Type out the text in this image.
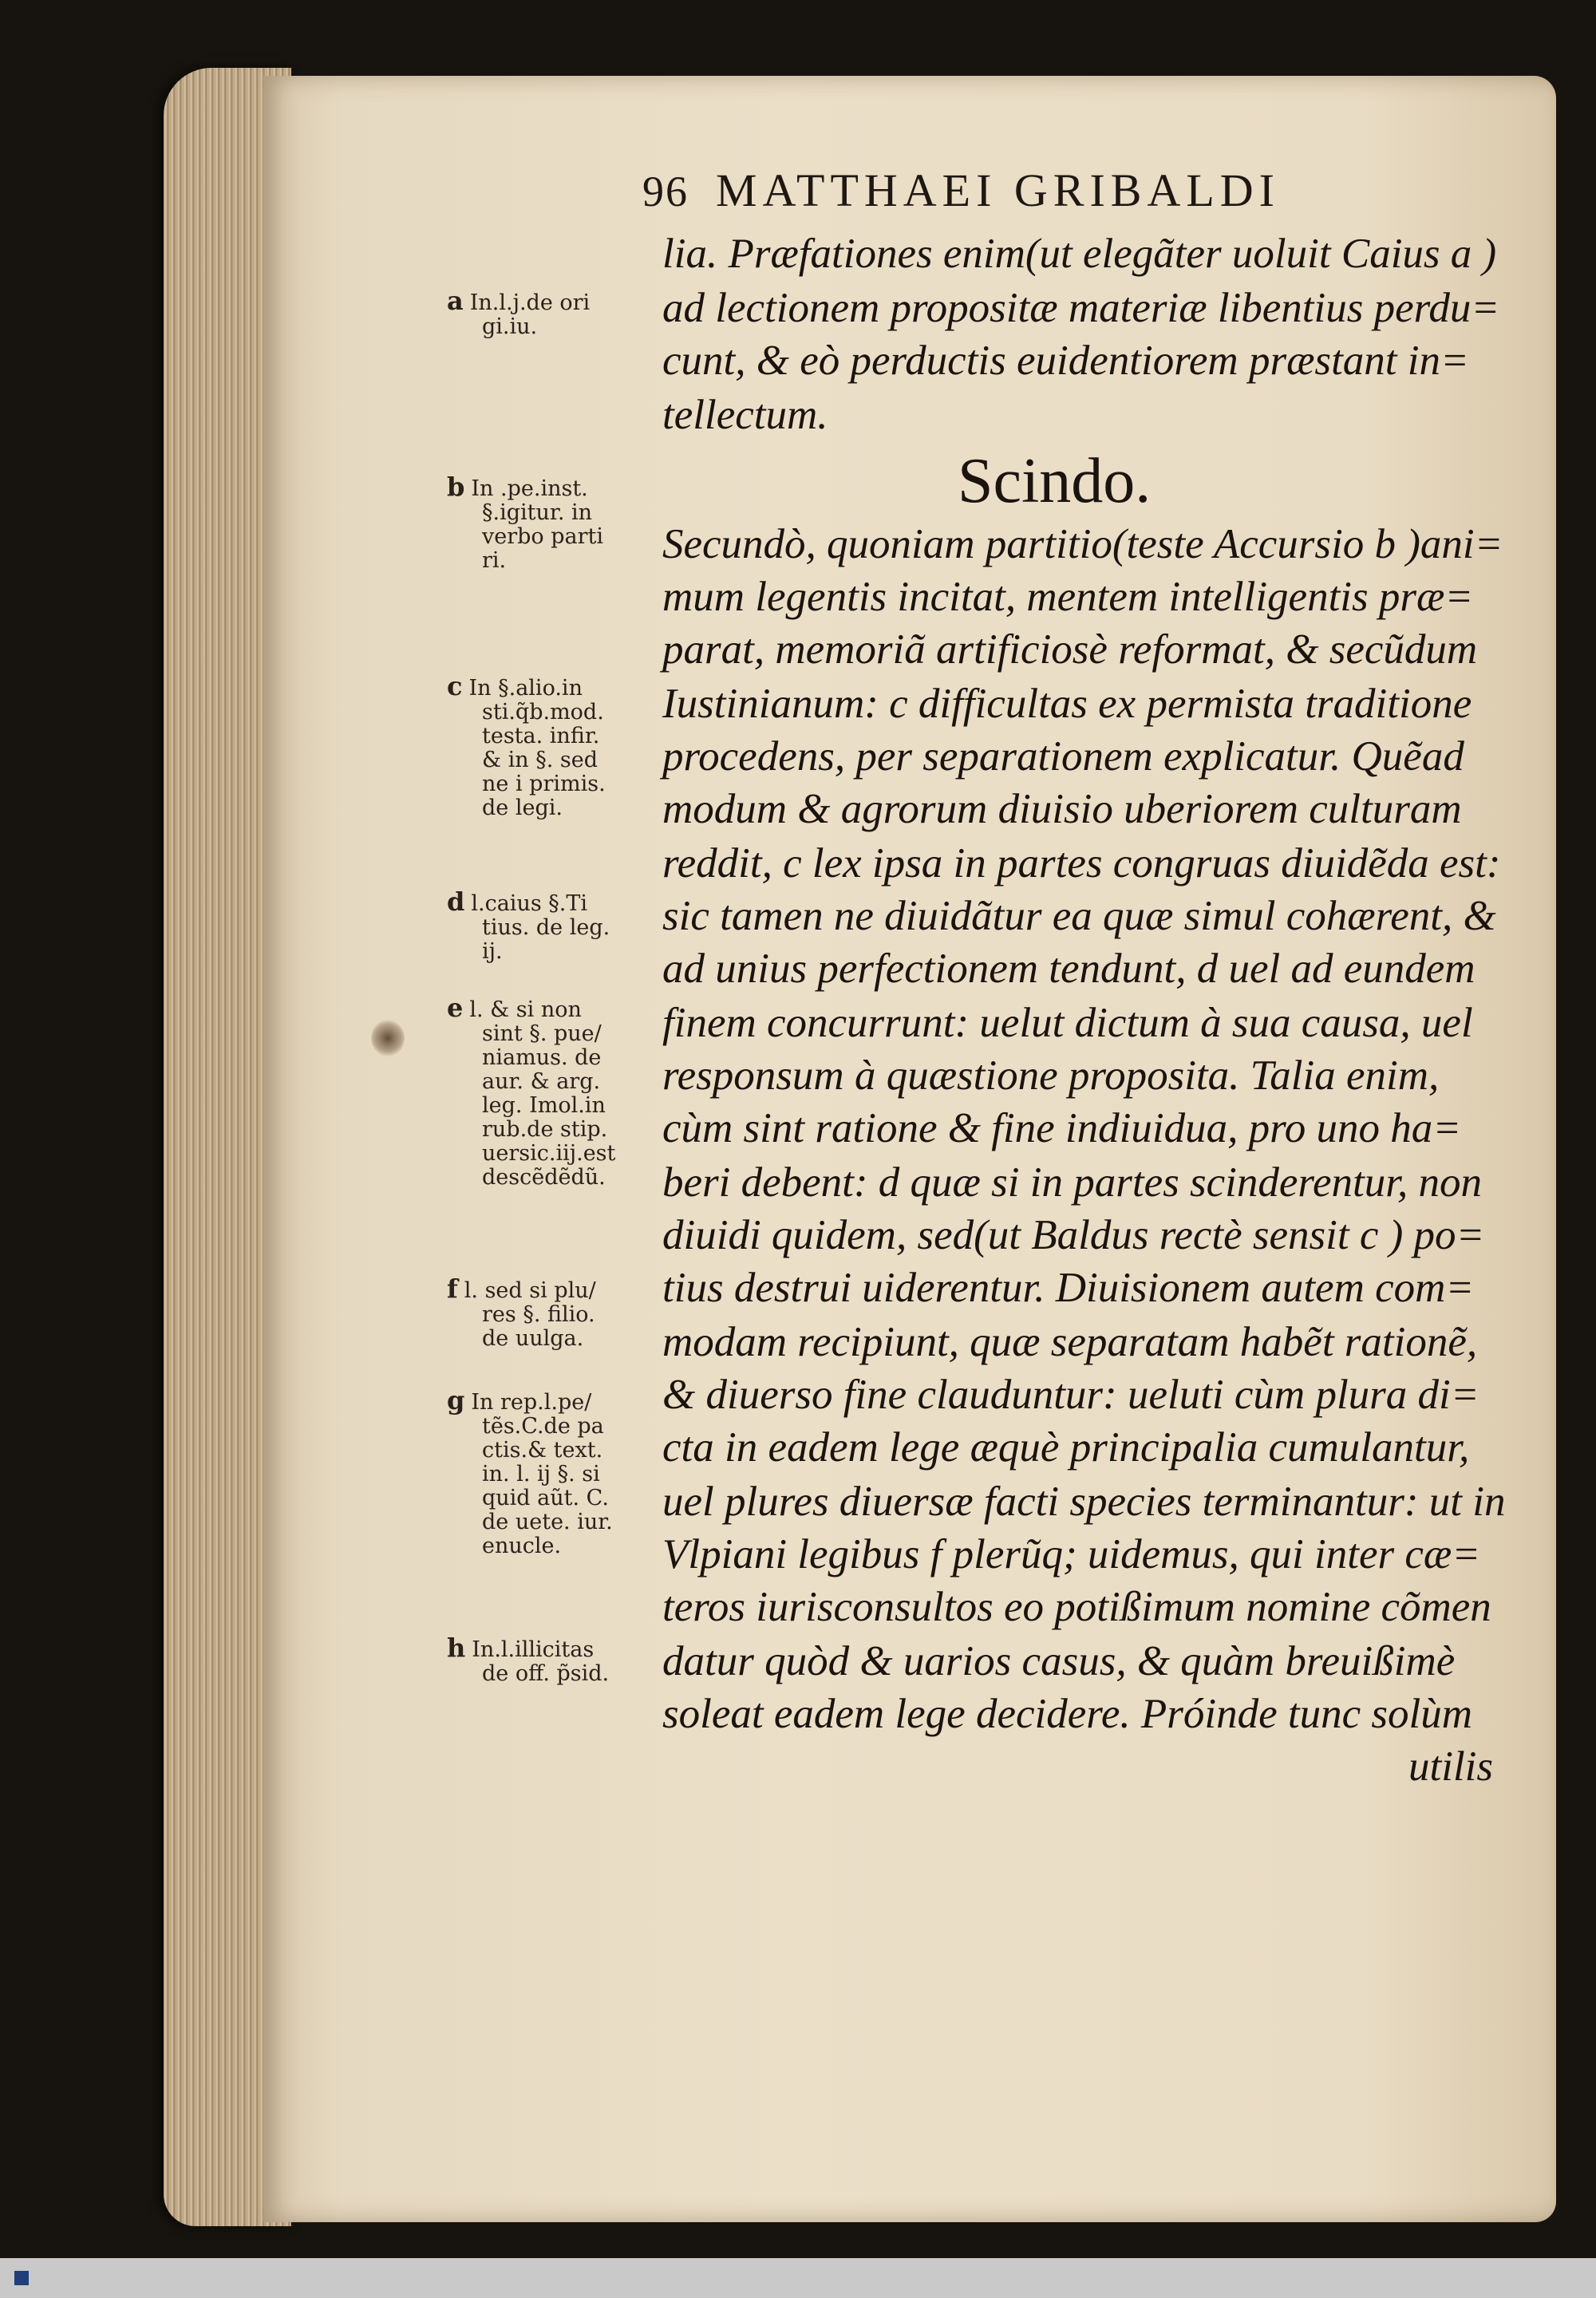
96 MATTHAEI GRIBALDI
Scindo.
lia. Præfationes enim(ut elegãter uoluit Caius a )
ad lectionem propositæ materiæ libentius perdu=
cunt, & eò perductis euidentiorem præstant in=
tellectum.
Secundò, quoniam partitio(teste Accursio b )ani=
mum legentis incitat, mentem intelligentis præ=
parat, memoriã artificiosè reformat, & secũdum
Iustinianum: c difficultas ex permista traditione
procedens, per separationem explicatur. Quẽad
modum & agrorum diuisio uberiorem culturam
reddit, c lex ipsa in partes congruas diuidẽda est:
sic tamen ne diuidãtur ea quæ simul cohærent, &
ad unius perfectionem tendunt, d uel ad eundem
finem concurrunt: uelut dictum à sua causa, uel
responsum à quæstione proposita. Talia enim,
cùm sint ratione & fine indiuidua, pro uno ha=
beri debent: d quæ si in partes scinderentur, non
diuidi quidem, sed(ut Baldus rectè sensit c ) po=
tius destrui uiderentur. Diuisionem autem com=
modam recipiunt, quæ separatam habẽt rationẽ,
& diuerso fine clauduntur: ueluti cùm plura di=
cta in eadem lege æquè principalia cumulantur,
uel plures diuersæ facti species terminantur: ut in
Vlpiani legibus f plerũq; uidemus, qui inter cæ=
teros iurisconsultos eo potißimum nomine cõmen
datur quòd & uarios casus, & quàm breuißimè
soleat eadem lege decidere. Próinde tunc solùm
utilis
a In.l.j.de ori
gi.iu.
b In .pe.inst.
§.igitur. in
verbo parti
ri.
c In §.alio.in
sti.q̃b.mod.
testa. infir.
& in §. sed
ne i primis.
de legi.
d l.caius §.Ti
tius. de leg.
ij.
e l. & si non
sint §. pue/
niamus. de
aur. & arg.
leg. Imol.in
rub.de stip.
uersic.iij.est
descẽdẽdũ.
f l. sed si plu/
res §. filio.
de uulga.
g In rep.l.pe/
tẽs.C.de pa
ctis.& text.
in. l. ij §. si
quid aũt. C.
de uete. iur.
enucle.
h In.l.illicitas
de off. p̃sid.
